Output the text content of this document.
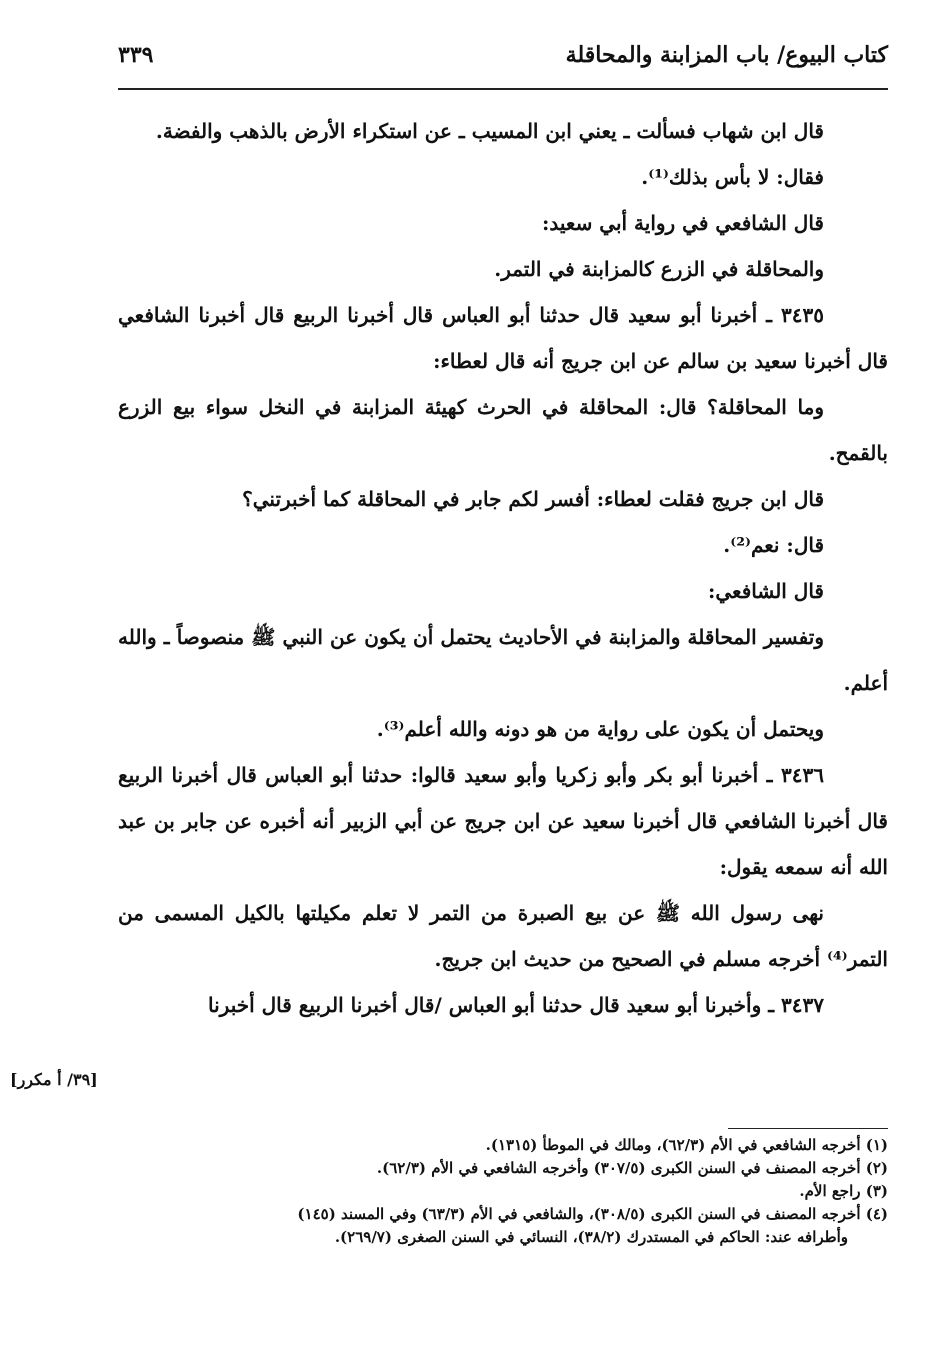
كتاب البيوع/ باب المزابنة والمحاقلة
٣٣٩

قال ابن شهاب فسألت ـ يعني ابن المسيب ـ عن استكراء الأرض بالذهب والفضة.

فقال: لا بأس بذلك⁽¹⁾.

قال الشافعي في رواية أبي سعيد:

والمحاقلة في الزرع كالمزابنة في التمر.

٣٤٣٥ ـ أخبرنا أبو سعيد قال حدثنا أبو العباس قال أخبرنا الربيع قال أخبرنا الشافعي قال أخبرنا سعيد بن سالم عن ابن جريج أنه قال لعطاء:

وما المحاقلة؟ قال: المحاقلة في الحرث كهيئة المزابنة في النخل سواء بيع الزرع بالقمح.

قال ابن جريج فقلت لعطاء: أفسر لكم جابر في المحاقلة كما أخبرتني؟

قال: نعم⁽²⁾.

قال الشافعي:

وتفسير المحاقلة والمزابنة في الأحاديث يحتمل أن يكون عن النبي ﷺ منصوصاً ـ والله أعلم.

ويحتمل أن يكون على رواية من هو دونه والله أعلم⁽³⁾.

٣٤٣٦ ـ أخبرنا أبو بكر وأبو زكريا وأبو سعيد قالوا: حدثنا أبو العباس قال أخبرنا الربيع قال أخبرنا الشافعي قال أخبرنا سعيد عن ابن جريج عن أبي الزبير أنه أخبره عن جابر بن عبد الله أنه سمعه يقول:

نهى رسول الله ﷺ عن بيع الصبرة من التمر لا تعلم مكيلتها بالكيل المسمى من التمر⁽⁴⁾ أخرجه مسلم في الصحيح من حديث ابن جريج.

٣٤٣٧ ـ وأخبرنا أبو سعيد قال حدثنا أبو العباس /قال أخبرنا الربيع قال أخبرنا

[٣٩/ أ مكرر]

(١) أخرجه الشافعي في الأم (٦٢/٣)، ومالك في الموطأ (١٣١٥).

(٢) أخرجه المصنف في السنن الكبرى (٣٠٧/٥) وأخرجه الشافعي في الأم (٦٢/٣).

(٣) راجع الأم.

(٤) أخرجه المصنف في السنن الكبرى (٣٠٨/٥)، والشافعي في الأم (٦٣/٣) وفي المسند (١٤٥)

وأطرافه عند: الحاكم في المستدرك (٣٨/٢)، النسائي في السنن الصغرى (٢٦٩/٧).
